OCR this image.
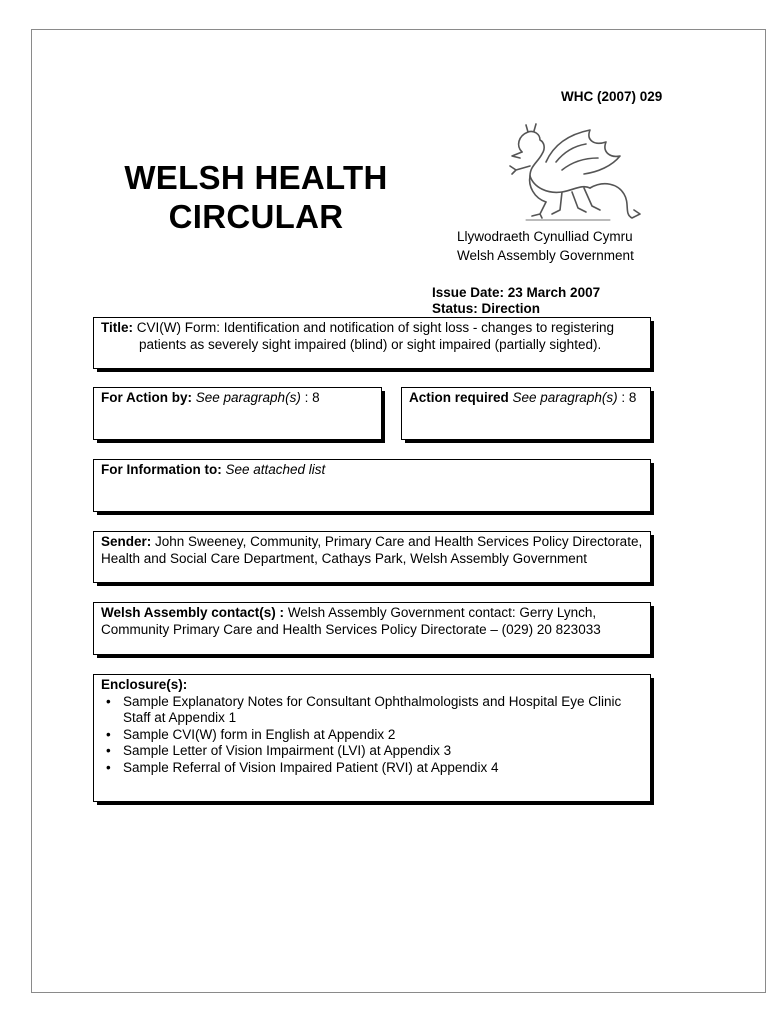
WHC (2007) 029
WELSH HEALTH
CIRCULAR
Llywodraeth Cynulliad Cymru
Welsh Assembly Government
Issue Date: 23 March 2007
Status: Direction

Title: CVI(W) Form: Identification and notification of sight loss - changes to registering patients as severely sight impaired (blind) or sight impaired (partially sighted).

For Action by: See paragraph(s) : 8	Action required See paragraph(s) : 8
For Information to: See attached list
Sender: John Sweeney, Community, Primary Care and Health Services Policy Directorate, Health and Social Care Department, Cathays Park, Welsh Assembly Government
Welsh Assembly contact(s) : Welsh Assembly Government contact: Gerry Lynch, Community Primary Care and Health Services Policy Directorate – (029) 20 823033
Enclosure(s):
• Sample Explanatory Notes for Consultant Ophthalmologists and Hospital Eye Clinic Staff at Appendix 1
• Sample CVI(W) form in English at Appendix 2
• Sample Letter of Vision Impairment (LVI) at Appendix 3
• Sample Referral of Vision Impaired Patient (RVI) at Appendix 4
